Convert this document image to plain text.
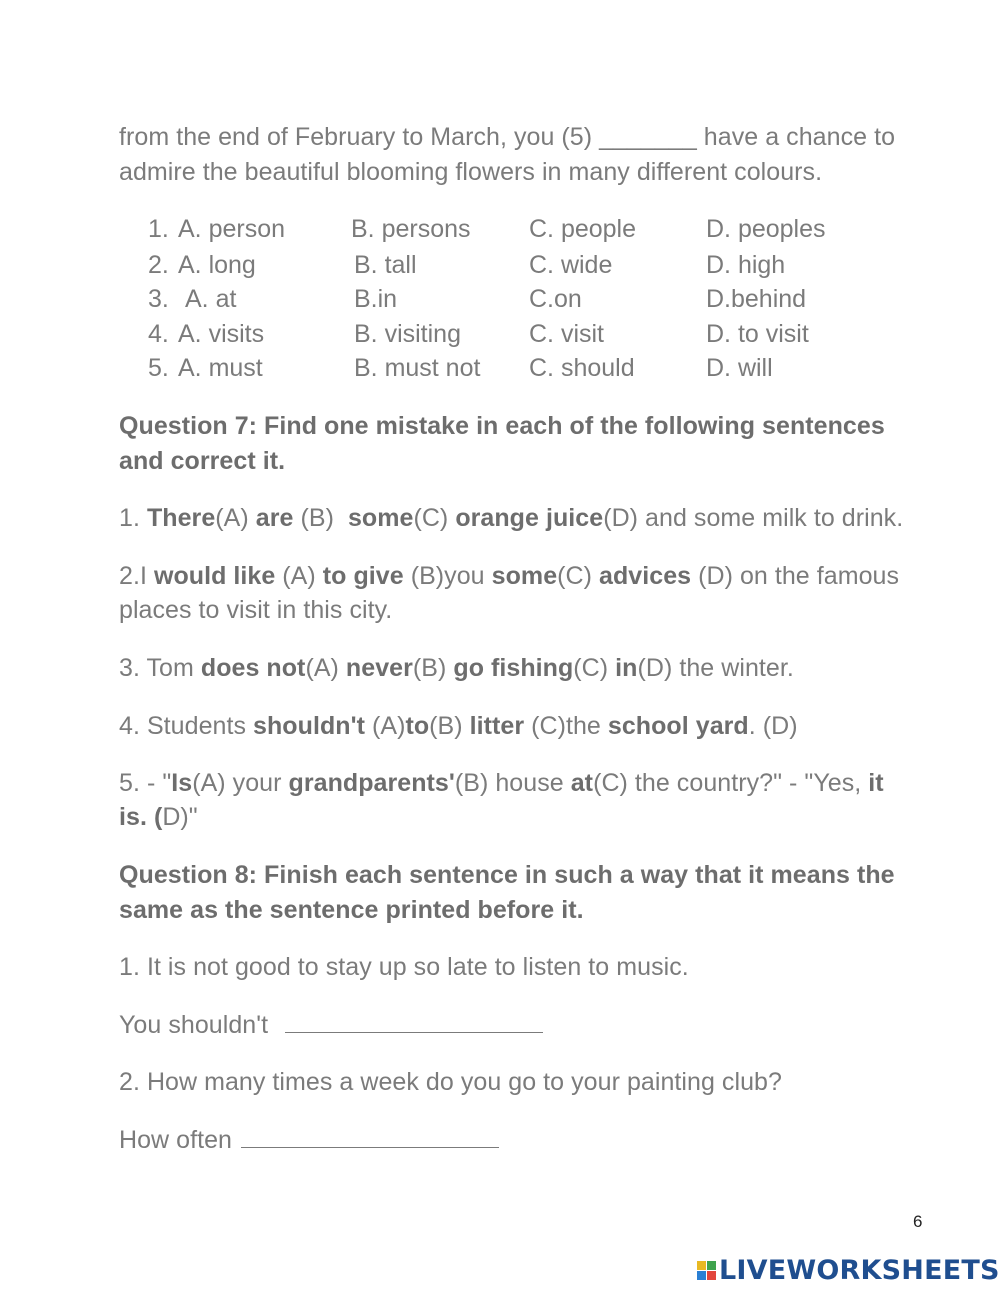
from the end of February to March, you (5) _______ have a chance to
admire the beautiful blooming flowers in many different colours.
1. A. person	B. persons C. people	D. peoples
2. A. long	B. tall	C. wide	D. high
3. A. at	B.in	C.on	D.behind
4. A. visits	B. visiting	C. visit	D. to visit
5. A. must	B. must not C. should	D. will
Question 7: Find one mistake in each of the following sentences
and correct it.
1. There(A) are (B)  some(C) orange juice(D) and some milk to drink.
2.I would like (A) to give (B)you some(C) advices (D) on the famous
places to visit in this city.
3. Tom does not(A) never(B) go fishing(C) in(D) the winter.
4. Students shouldn't (A)to(B) litter (C)the school yard. (D)
5. - "Is(A) your grandparents'(B) house at(C) the country?" - "Yes, it
is. (D)"
Question 8: Finish each sentence in such a way that it means the
same as the sentence printed before it.
1. It is not good to stay up so late to listen to music.
You shouldn't
2. How many times a week do you go to your painting club?
How often
6
LIVEWORKSHEETS
